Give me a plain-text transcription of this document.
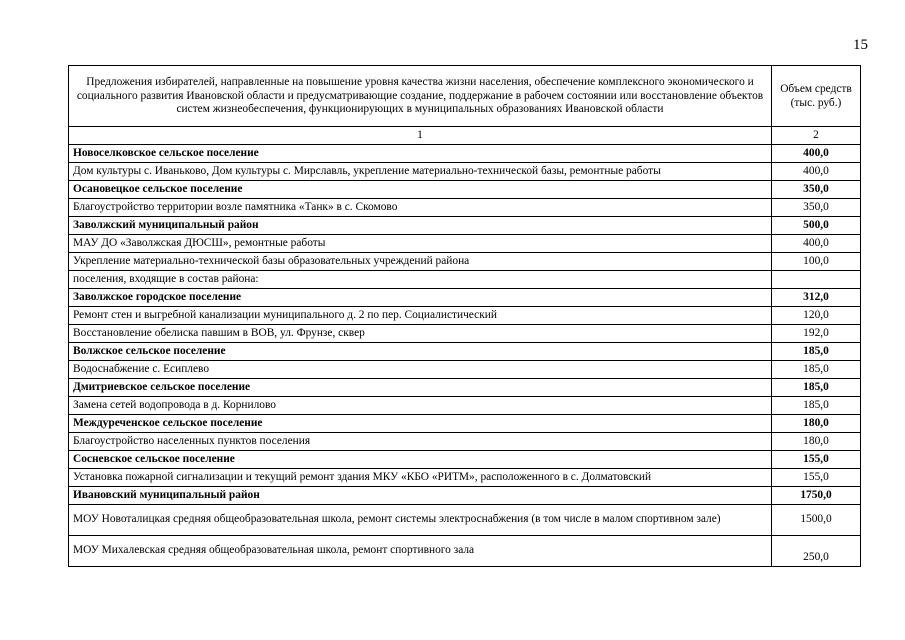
15
Предложения избирателей, направленные на повышение уровня качества жизни населения, обеспечение комплексного экономического и социального развития Ивановской области и предусматривающие создание, поддержание в рабочем состоянии или восстановление объектов систем жизнеобеспечения, функционирующих в муниципальных образованиях Ивановской области	Объем средств (тыс. руб.)
1	2
Новоселковское сельское поселение	400,0
Дом культуры с. Иваньково, Дом культуры с. Мирславль, укрепление материально-технической базы, ремонтные работы	400,0
Осановецкое сельское поселение	350,0
Благоустройство территории возле памятника «Танк» в с. Скомово	350,0
Заволжский муниципальный район	500,0
МАУ ДО «Заволжская ДЮСШ», ремонтные работы	400,0
Укрепление материально-технической базы образовательных учреждений района	100,0
поселения, входящие в состав района:	
Заволжское городское поселение	312,0
Ремонт стен и выгребной канализации муниципального д. 2 по пер. Социалистический	120,0
Восстановление обелиска павшим в ВОВ, ул. Фрунзе, сквер	192,0
Волжское сельское поселение	185,0
Водоснабжение с. Есиплево	185,0
Дмитриевское сельское поселение	185,0
Замена сетей водопровода в д. Корнилово	185,0
Междуреченское сельское поселение	180,0
Благоустройство населенных пунктов поселения	180,0
Сосневское сельское поселение	155,0
Установка пожарной сигнализации и текущий ремонт здания МКУ «КБО «РИТМ», расположенного в с. Долматовский	155,0
Ивановский муниципальный район	1750,0
МОУ Новоталицкая средняя общеобразовательная школа, ремонт системы электроснабжения (в том числе в малом спортивном зале)	1500,0
МОУ Михалевская средняя общеобразовательная школа, ремонт спортивного зала	250,0
